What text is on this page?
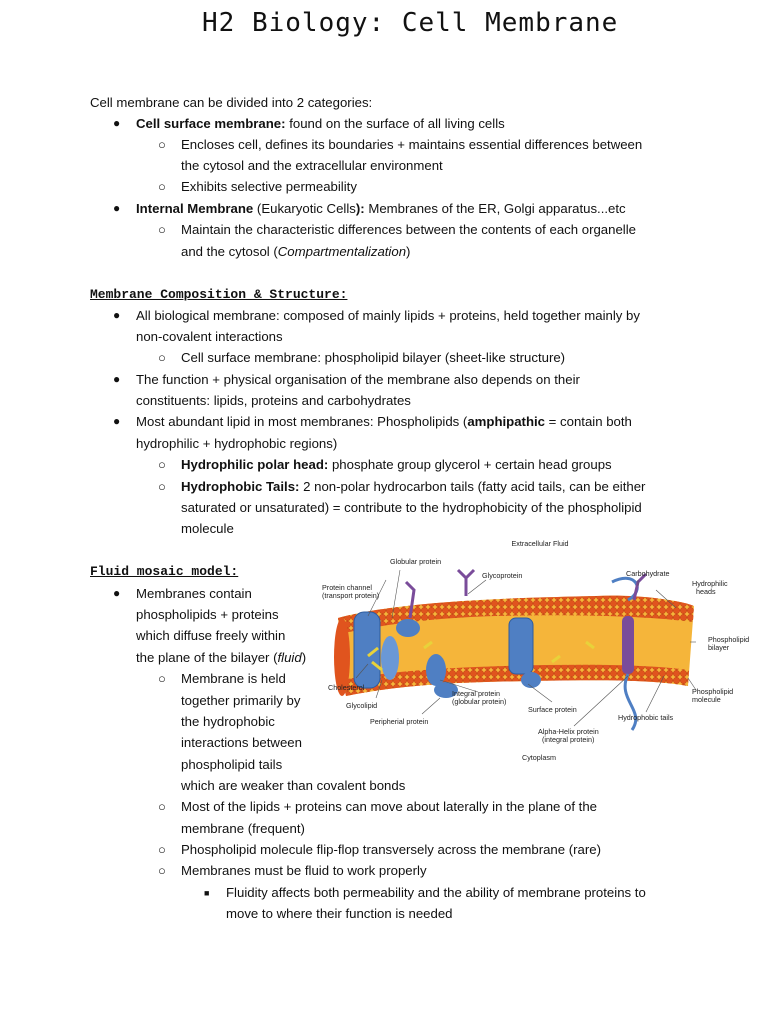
H2 Biology: Cell Membrane
Cell membrane can be divided into 2 categories:
● Cell surface membrane: found on the surface of all living cells
○ Encloses cell, defines its boundaries + maintains essential differences between
the cytosol and the extracellular environment
○ Exhibits selective permeability
● Internal Membrane (Eukaryotic Cells): Membranes of the ER, Golgi apparatus...etc
○ Maintain the characteristic differences between the contents of each organelle
and the cytosol (Compartmentalization)
Membrane Composition & Structure:
● All biological membrane: composed of mainly lipids + proteins, held together mainly by
non-covalent interactions
○ Cell surface membrane: phospholipid bilayer (sheet-like structure)
● The function + physical organisation of the membrane also depends on their
constituents: lipids, proteins and carbohydrates
● Most abundant lipid in most membranes: Phospholipids (amphipathic = contain both
hydrophilic + hydrophobic regions)
○ Hydrophilic polar head: phosphate group glycerol + certain head groups
○ Hydrophobic Tails: 2 non-polar hydrocarbon tails (fatty acid tails, can be either
saturated or unsaturated) = contribute to the hydrophobicity of the phospholipid
molecule
Fluid mosaic model:
● Membranes contain
phospholipids + proteins
which diffuse freely within
the plane of the bilayer (fluid)
○ Membrane is held
together primarily by
the hydrophobic
interactions between
phospholipid tails
which are weaker than covalent bonds
○ Most of the lipids + proteins can move about laterally in the plane of the
membrane (frequent)
○ Phospholipid molecule flip-flop transversely across the membrane (rare)
○ Membranes must be fluid to work properly
■ Fluidity affects both permeability and the ability of membrane proteins to
move to where their function is needed
Extracellular Fluid
Globular protein
Glycoprotein	Carbohydrate
Hydrophilic
heads
Protein channel
(transport protein)
Phospholipid
bilayer
Cholesterol
Glycolipid
Peripherial protein
Integral protein
(globular protein)
Surface protein
Phospholipid
molecule
Hydrophobic tails
Alpha-Helix protein
(integral protein)
Cytoplasm
